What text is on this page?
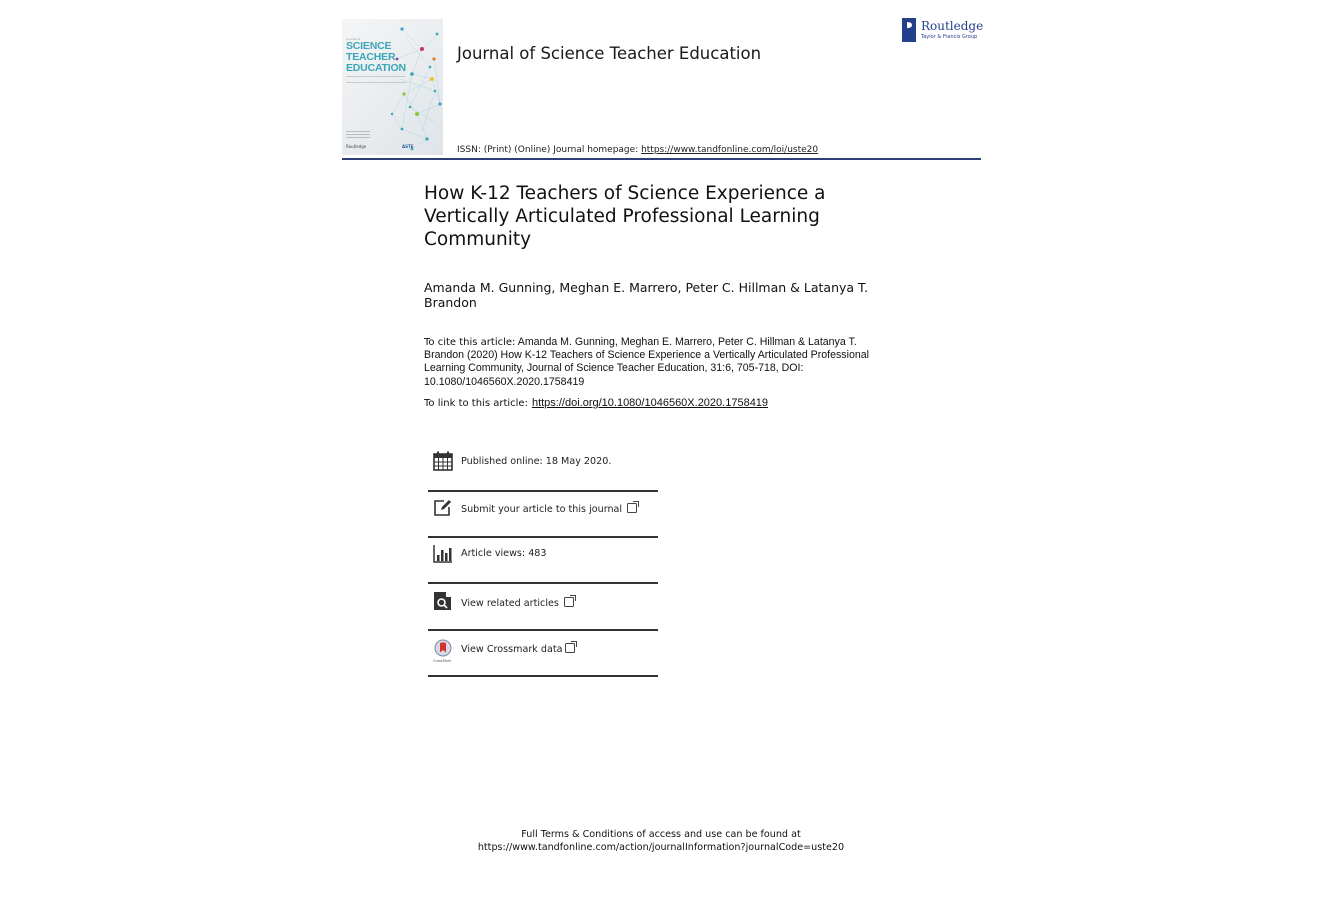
Journal of
SCIENCE
TEACHER
EDUCATION
Routledge	ASTE
Journal of Science Teacher Education
ISSN: (Print) (Online) Journal homepage: https://www.tandfonline.com/loi/uste20
Routledge
Taylor & Francis Group
How K-12 Teachers of Science Experience a Vertically Articulated Professional Learning Community
Amanda M. Gunning, Meghan E. Marrero, Peter C. Hillman & Latanya T. Brandon
To cite this article: Amanda M. Gunning, Meghan E. Marrero, Peter C. Hillman & Latanya T. Brandon (2020) How K-12 Teachers of Science Experience a Vertically Articulated Professional Learning Community, Journal of Science Teacher Education, 31:6, 705-718, DOI: 10.1080/1046560X.2020.1758419
To link to this article: https://doi.org/10.1080/1046560X.2020.1758419
Published online: 18 May 2020.
Submit your article to this journal
Article views: 483
View related articles
CrossMark
View Crossmark data
Full Terms & Conditions of access and use can be found at
https://www.tandfonline.com/action/journalInformation?journalCode=uste20
